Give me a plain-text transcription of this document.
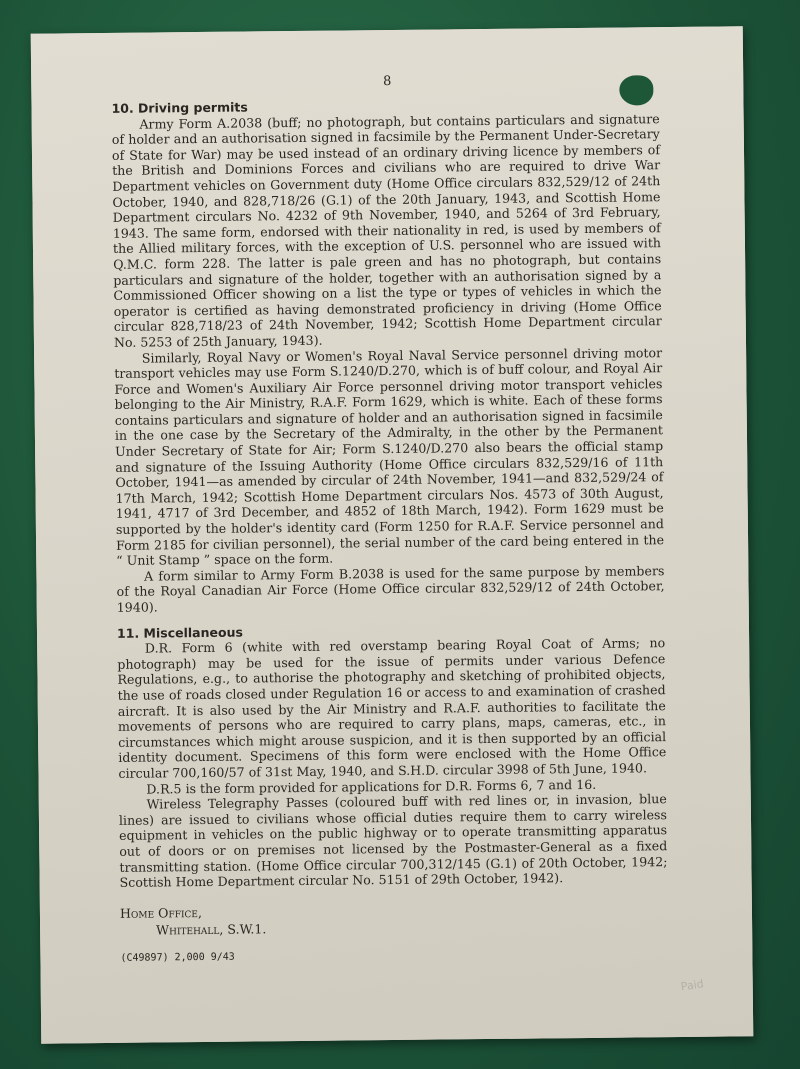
8

10. Driving permits

Army Form A.2038 (buff; no photograph, but contains particulars and signature of holder and an authorisation signed in facsimile by the Permanent Under-Secretary of State for War) may be used instead of an ordinary driving licence by members of the British and Dominions Forces and civilians who are required to drive War Department vehicles on Government duty (Home Office circulars 832,529/12 of 24th October, 1940, and 828,718/26 (G.1) of the 20th January, 1943, and Scottish Home Department circulars No. 4232 of 9th November, 1940, and 5264 of 3rd February, 1943. The same form, endorsed with their nationality in red, is used by members of the Allied military forces, with the exception of U.S. personnel who are issued with Q.M.C. form 228. The latter is pale green and has no photograph, but contains particulars and signature of the holder, together with an authorisation signed by a Commissioned Officer showing on a list the type or types of vehicles in which the operator is certified as having demonstrated proficiency in driving (Home Office circular 828,718/23 of 24th November, 1942; Scottish Home Department circular No. 5253 of 25th January, 1943).

Similarly, Royal Navy or Women's Royal Naval Service personnel driving motor transport vehicles may use Form S.1240/D.270, which is of buff colour, and Royal Air Force and Women's Auxiliary Air Force personnel driving motor transport vehicles belonging to the Air Ministry, R.A.F. Form 1629, which is white. Each of these forms contains particulars and signature of holder and an authorisation signed in facsimile in the one case by the Secretary of the Admiralty, in the other by the Permanent Under Secretary of State for Air; Form S.1240/D.270 also bears the official stamp and signature of the Issuing Authority (Home Office circulars 832,529/16 of 11th October, 1941—as amended by circular of 24th November, 1941—and 832,529/24 of 17th March, 1942; Scottish Home Department circulars Nos. 4573 of 30th August, 1941, 4717 of 3rd December, and 4852 of 18th March, 1942). Form 1629 must be supported by the holder's identity card (Form 1250 for R.A.F. Service personnel and Form 2185 for civilian personnel), the serial number of the card being entered in the “ Unit Stamp ” space on the form.

A form similar to Army Form B.2038 is used for the same purpose by members of the Royal Canadian Air Force (Home Office circular 832,529/12 of 24th October, 1940).

11. Miscellaneous

D.R. Form 6 (white with red overstamp bearing Royal Coat of Arms; no photograph) may be used for the issue of permits under various Defence Regulations, e.g., to authorise the photography and sketching of prohibited objects, the use of roads closed under Regulation 16 or access to and examination of crashed aircraft. It is also used by the Air Ministry and R.A.F. authorities to facilitate the movements of persons who are required to carry plans, maps, cameras, etc., in circumstances which might arouse suspicion, and it is then supported by an official identity document. Specimens of this form were enclosed with the Home Office circular 700,160/57 of 31st May, 1940, and S.H.D. circular 3998 of 5th June, 1940.

D.R.5 is the form provided for applications for D.R. Forms 6, 7 and 16.

Wireless Telegraphy Passes (coloured buff with red lines or, in invasion, blue lines) are issued to civilians whose official duties require them to carry wireless equipment in vehicles on the public highway or to operate transmitting apparatus out of doors or on premises not licensed by the Postmaster-General as a fixed transmitting station. (Home Office circular 700,312/145 (G.1) of 20th October, 1942; Scottish Home Department circular No. 5151 of 29th October, 1942).

Home Office,
Whitehall, S.W.1.
(C49897) 2,000 9/43
Paid
